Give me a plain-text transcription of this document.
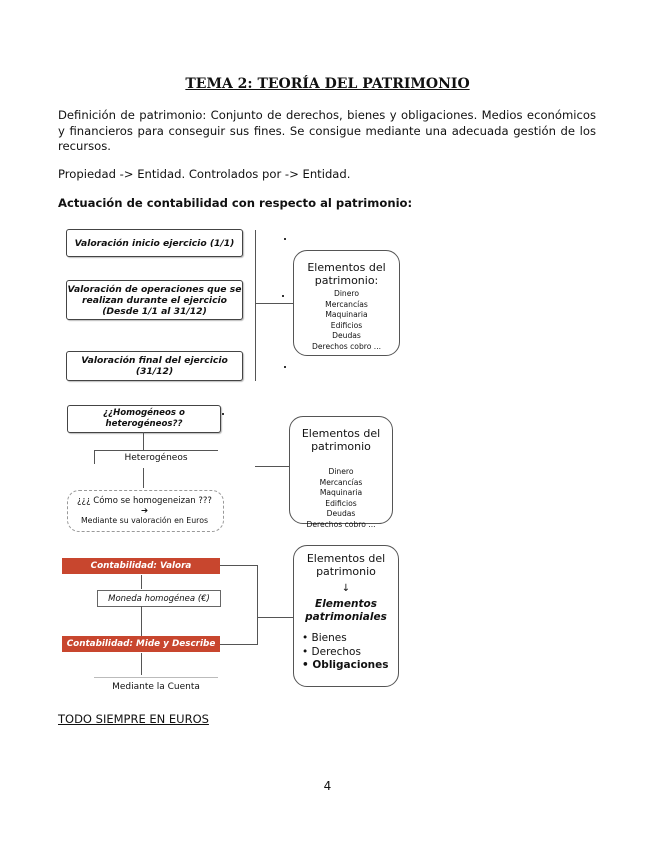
TEMA 2: TEORÍA DEL PATRIMONIO
Definición de patrimonio: Conjunto de derechos, bienes y obligaciones. Medios económicos y financieros para conseguir sus fines. Se consigue mediante una adecuada gestión de los recursos.
Propiedad -> Entidad. Controlados por -> Entidad.
Actuación de contabilidad con respecto al patrimonio:
Valoración inicio ejercicio (1/1)
Valoración de operaciones que se realizan durante el ejercicio (Desde 1/1 al 31/12)
Valoración final del ejercicio (31/12)
Elementos del patrimonio:
Dinero
Mercancías
Maquinaria
Edificios
Deudas
Derechos cobro ...
¿¿Homogéneos o heterogéneos??
Heterogéneos
¿¿¿ Cómo se homogeneizan ???
➔
Mediante su valoración en Euros
Elementos del patrimonio
Dinero
Mercancías
Maquinaria
Edificios
Deudas
Derechos cobro ...
Contabilidad: Valora
Moneda homogénea (€)
Contabilidad: Mide y Describe
Mediante la Cuenta
Elementos del patrimonio
↓
Elementos patrimoniales
• Bienes
• Derechos
• Obligaciones
TODO SIEMPRE EN EUROS
4
